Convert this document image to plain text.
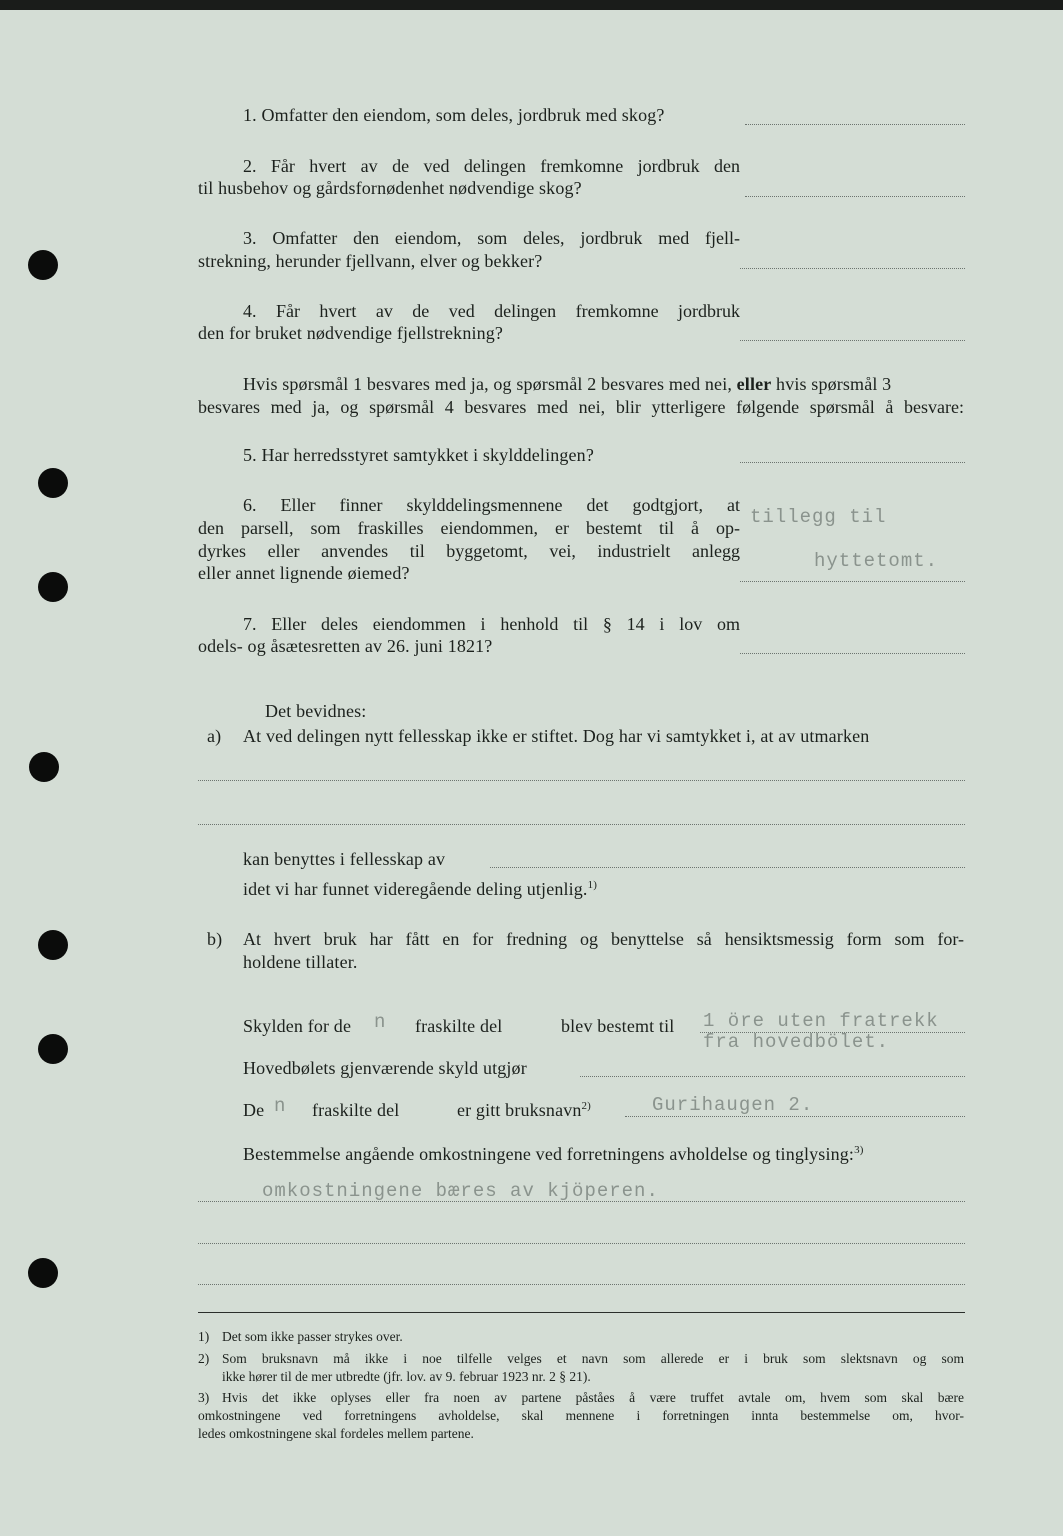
1. Omfatter den eiendom, som deles, jordbruk med skog?
2. Får hvert av de ved delingen fremkomne jordbruk den
til husbehov og gårdsfornødenhet nødvendige skog?
3. Omfatter den eiendom, som deles, jordbruk med fjell-
strekning, herunder fjellvann, elver og bekker?
4. Får hvert av de ved delingen fremkomne jordbruk
den for bruket nødvendige fjellstrekning?
Hvis spørsmål 1 besvares med ja, og spørsmål 2 besvares med nei, eller hvis spørsmål 3
besvares med ja, og spørsmål 4 besvares med nei, blir ytterligere følgende spørsmål å besvare:
5. Har herredsstyret samtykket i skylddelingen?
6. Eller finner skylddelingsmennene det godtgjort, at
den parsell, som fraskilles eiendommen, er bestemt til å op-
dyrkes eller anvendes til byggetomt, vei, industrielt anlegg
eller annet lignende øiemed?
tillegg til
hyttetomt.
7. Eller deles eiendommen i henhold til § 14 i lov om
odels- og åsætesretten av 26. juni 1821?
Det bevidnes:
a) At ved delingen nytt fellesskap ikke er stiftet. Dog har vi samtykket i, at av utmarken
kan benyttes i fellesskap av
idet vi har funnet videregående deling utjenlig.$^{1)}$
b) At hvert bruk har fått en for fredning og benyttelse så hensiktsmessig form som for-
holdene tillater.
Skylden for de n fraskilte del	blev bestemt til 1 öre uten fratrekk
fra hovedbölet.
Hovedbølets gjenværende skyld utgjør
De n fraskilte del	er gitt bruksnavn$^{2)}$	Gurihaugen 2.
Bestemmelse angående omkostningene ved forretningens avholdelse og tinglysing:$^{3)}$
omkostningene bæres av kjöperen.
1) Det som ikke passer strykes over.
2) Som bruksnavn må ikke i noe tilfelle velges et navn som allerede er i bruk som slektsnavn og som
ikke hører til de mer utbredte (jfr. lov. av 9. februar 1923 nr. 2 § 21).
3) Hvis det ikke oplyses eller fra noen av partene påståes å være truffet avtale om, hvem som skal bære
omkostningene ved forretningens avholdelse, skal mennene i forretningen innta bestemmelse om, hvor-
ledes omkostningene skal fordeles mellem partene.
